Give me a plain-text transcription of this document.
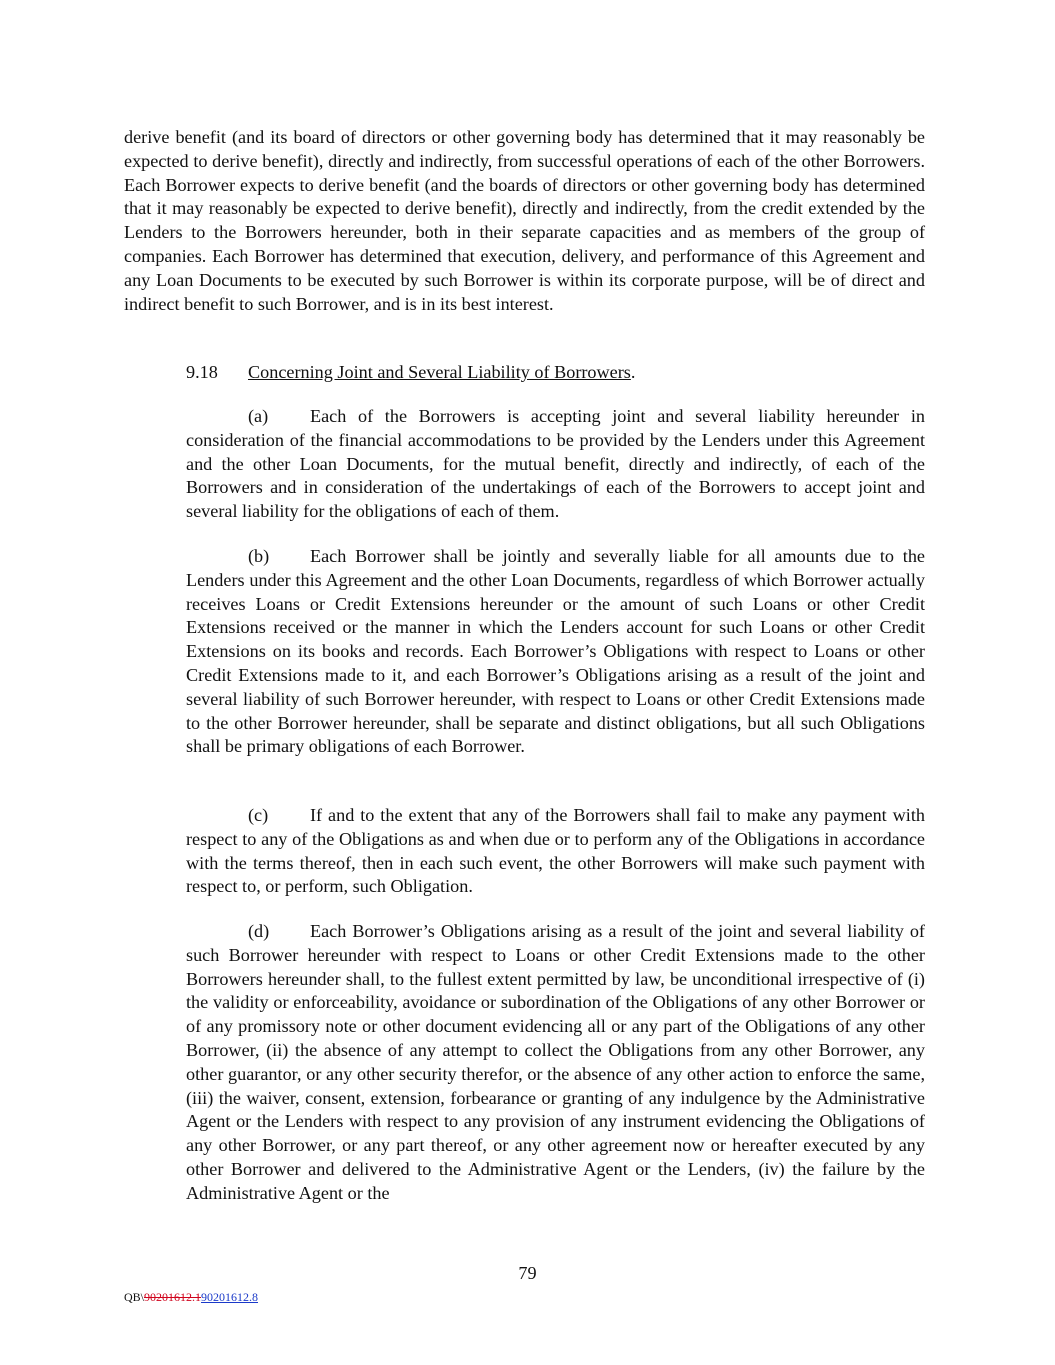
derive benefit (and its board of directors or other governing body has determined that it may reasonably be expected to derive benefit), directly and indirectly, from successful operations of each of the other Borrowers. Each Borrower expects to derive benefit (and the boards of directors or other governing body has determined that it may reasonably be expected to derive benefit), directly and indirectly, from the credit extended by the Lenders to the Borrowers hereunder, both in their separate capacities and as members of the group of companies. Each Borrower has determined that execution, delivery, and performance of this Agreement and any Loan Documents to be executed by such Borrower is within its corporate purpose, will be of direct and indirect benefit to such Borrower, and is in its best interest.

9.18 Concerning Joint and Several Liability of Borrowers.

(a) Each of the Borrowers is accepting joint and several liability hereunder in consideration of the financial accommodations to be provided by the Lenders under this Agreement and the other Loan Documents, for the mutual benefit, directly and indirectly, of each of the Borrowers and in consideration of the undertakings of each of the Borrowers to accept joint and several liability for the obligations of each of them.

(b) Each Borrower shall be jointly and severally liable for all amounts due to the Lenders under this Agreement and the other Loan Documents, regardless of which Borrower actually receives Loans or Credit Extensions hereunder or the amount of such Loans or other Credit Extensions received or the manner in which the Lenders account for such Loans or other Credit Extensions on its books and records. Each Borrower’s Obligations with respect to Loans or other Credit Extensions made to it, and each Borrower’s Obligations arising as a result of the joint and several liability of such Borrower hereunder, with respect to Loans or other Credit Extensions made to the other Borrower hereunder, shall be separate and distinct obligations, but all such Obligations shall be primary obligations of each Borrower.

(c) If and to the extent that any of the Borrowers shall fail to make any payment with respect to any of the Obligations as and when due or to perform any of the Obligations in accordance with the terms thereof, then in each such event, the other Borrowers will make such payment with respect to, or perform, such Obligation.

(d) Each Borrower’s Obligations arising as a result of the joint and several liability of such Borrower hereunder with respect to Loans or other Credit Extensions made to the other Borrowers hereunder shall, to the fullest extent permitted by law, be unconditional irrespective of (i) the validity or enforceability, avoidance or subordination of the Obligations of any other Borrower or of any promissory note or other document evidencing all or any part of the Obligations of any other Borrower, (ii) the absence of any attempt to collect the Obligations from any other Borrower, any other guarantor, or any other security therefor, or the absence of any other action to enforce the same, (iii) the waiver, consent, extension, forbearance or granting of any indulgence by the Administrative Agent or the Lenders with respect to any provision of any instrument evidencing the Obligations of any other Borrower, or any part thereof, or any other agreement now or hereafter executed by any other Borrower and delivered to the Administrative Agent or the Lenders, (iv) the failure by the Administrative Agent or the

79
QB\90201612.190201612.8
